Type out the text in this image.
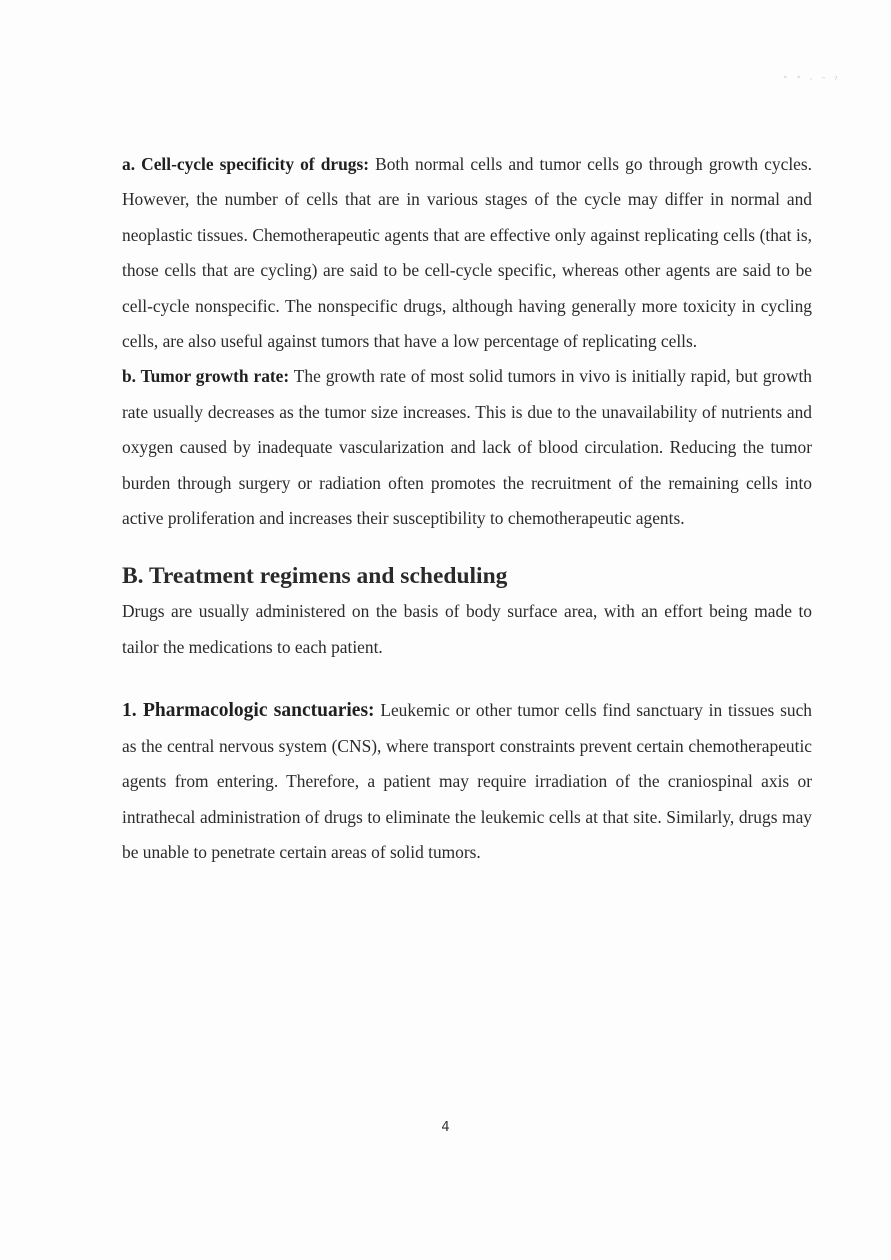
˄ ˄ ˑ ᵔ ˀ

a. Cell-cycle specificity of drugs: Both normal cells and tumor cells go through growth cycles. However, the number of cells that are in various stages of the cycle may differ in normal and neoplastic tissues. Chemotherapeutic agents that are effective only against replicating cells (that is, those cells that are cycling) are said to be cell-cycle specific, whereas other agents are said to be cell-cycle nonspecific. The nonspecific drugs, although having generally more toxicity in cycling cells, are also useful against tumors that have a low percentage of replicating cells.

b. Tumor growth rate: The growth rate of most solid tumors in vivo is initially rapid, but growth rate usually decreases as the tumor size increases. This is due to the unavailability of nutrients and oxygen caused by inadequate vascularization and lack of blood circulation. Reducing the tumor burden through surgery or radiation often promotes the recruitment of the remaining cells into active proliferation and increases their susceptibility to chemotherapeutic agents.

B. Treatment regimens and scheduling

Drugs are usually administered on the basis of body surface area, with an effort being made to tailor the medications to each patient.

1. Pharmacologic sanctuaries: Leukemic or other tumor cells find sanctuary in tissues such as the central nervous system (CNS), where transport constraints prevent certain chemotherapeutic agents from entering. Therefore, a patient may require irradiation of the craniospinal axis or intrathecal administration of drugs to eliminate the leukemic cells at that site. Similarly, drugs may be unable to penetrate certain areas of solid tumors.

4
